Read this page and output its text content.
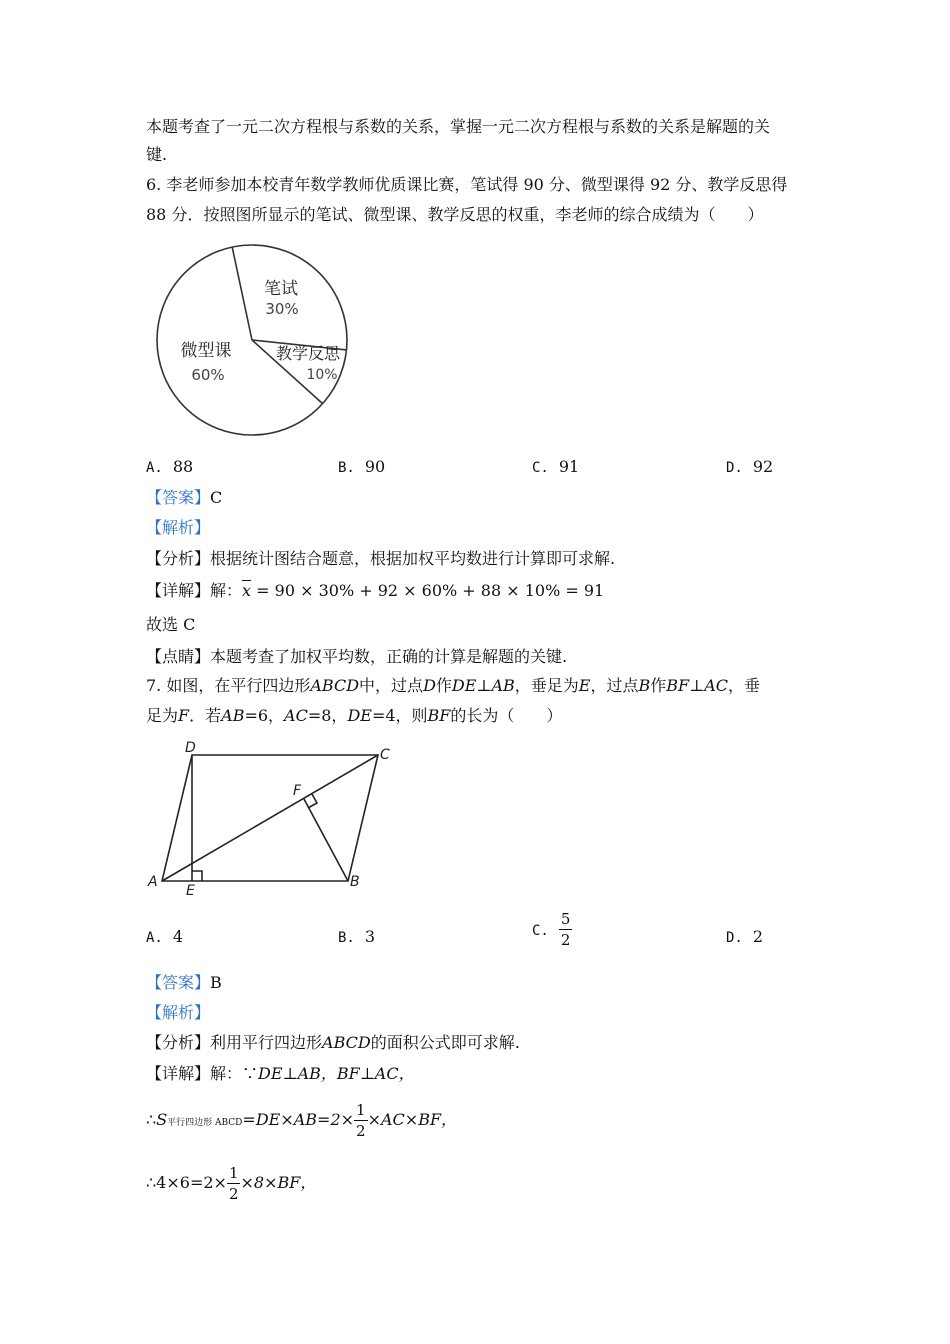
本题考查了一元二次方程根与系数的关系，掌握一元二次方程根与系数的关系是解题的关
键.
6. 李老师参加本校青年数学教师优质课比赛，笔试得 90 分、微型课得 92 分、教学反思得
88 分．按照图所显示的笔试、微型课、教学反思的权重，李老师的综合成绩为（　　）
笔试
30%
教学反思
10%
微型课
60%
A. 88	B. 90	C. 91	D. 92
【答案】C
【解析】
【分析】根据统计图结合题意，根据加权平均数进行计算即可求解.
【详解】解：$\overline{x} = 90 \times 30\% + 92 \times 60\% + 88 \times 10\% = 91$
故选 C
【点睛】本题考查了加权平均数，正确的计算是解题的关键.
7. 如图，在平行四边形ABCD中，过点D作DE⊥AB，垂足为E，过点B作BF⊥AC，垂
足为F．若AB=6，AC=8，DE=4，则BF的长为（　　）
A	B
C
D
E
F
A. 4	B. 3	C. $\frac{5}{2}$	D. 2
【答案】B
【解析】
【分析】利用平行四边形ABCD的面积公式即可求解.
【详解】解：∵DE⊥AB，BF⊥AC，
∴S平行四边形 ABCD=DE×AB=2× $\frac{1}{2} \times AC\times BF$，
∴4×6=2× $\frac{1}{2} \times 8\times BF$，
